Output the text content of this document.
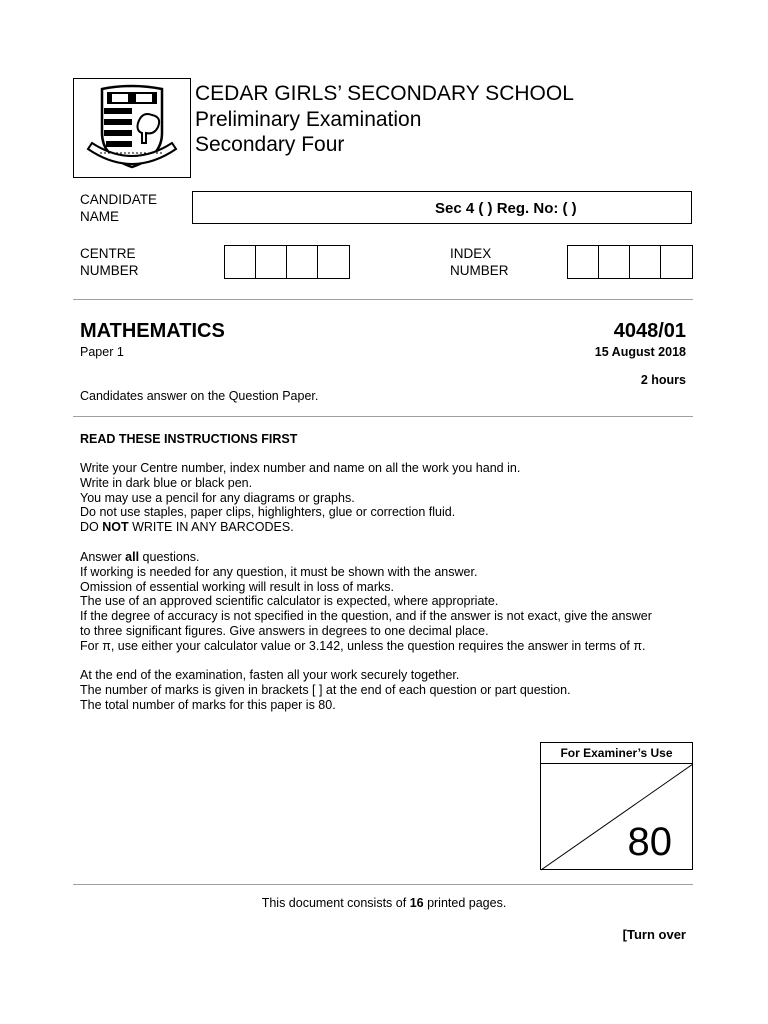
CEDAR GIRLS’ SECONDARY SCHOOL
Preliminary Examination
Secondary Four
CANDIDATE
NAME	Sec 4 ( ) Reg. No: ( )
CENTRE
NUMBER
INDEX
NUMBER
MATHEMATICS	4048/01
Paper 1	15 August 2018
2 hours
Candidates answer on the Question Paper.
READ THESE INSTRUCTIONS FIRST

Write your Centre number, index number and name on all the work you hand in.

Write in dark blue or black pen.

You may use a pencil for any diagrams or graphs.

Do not use staples, paper clips, highlighters, glue or correction fluid.

DO NOT WRITE IN ANY BARCODES.

Answer all questions.

If working is needed for any question, it must be shown with the answer.

Omission of essential working will result in loss of marks.

The use of an approved scientific calculator is expected, where appropriate.

If the degree of accuracy is not specified in the question, and if the answer is not exact, give the answer

to three significant figures. Give answers in degrees to one decimal place.

For π, use either your calculator value or 3.142, unless the question requires the answer in terms of π.

At the end of the examination, fasten all your work securely together.

The number of marks is given in brackets [ ] at the end of each question or part question.

The total number of marks for this paper is 80.

For Examiner’s Use
80
This document consists of 16 printed pages.
[Turn over
